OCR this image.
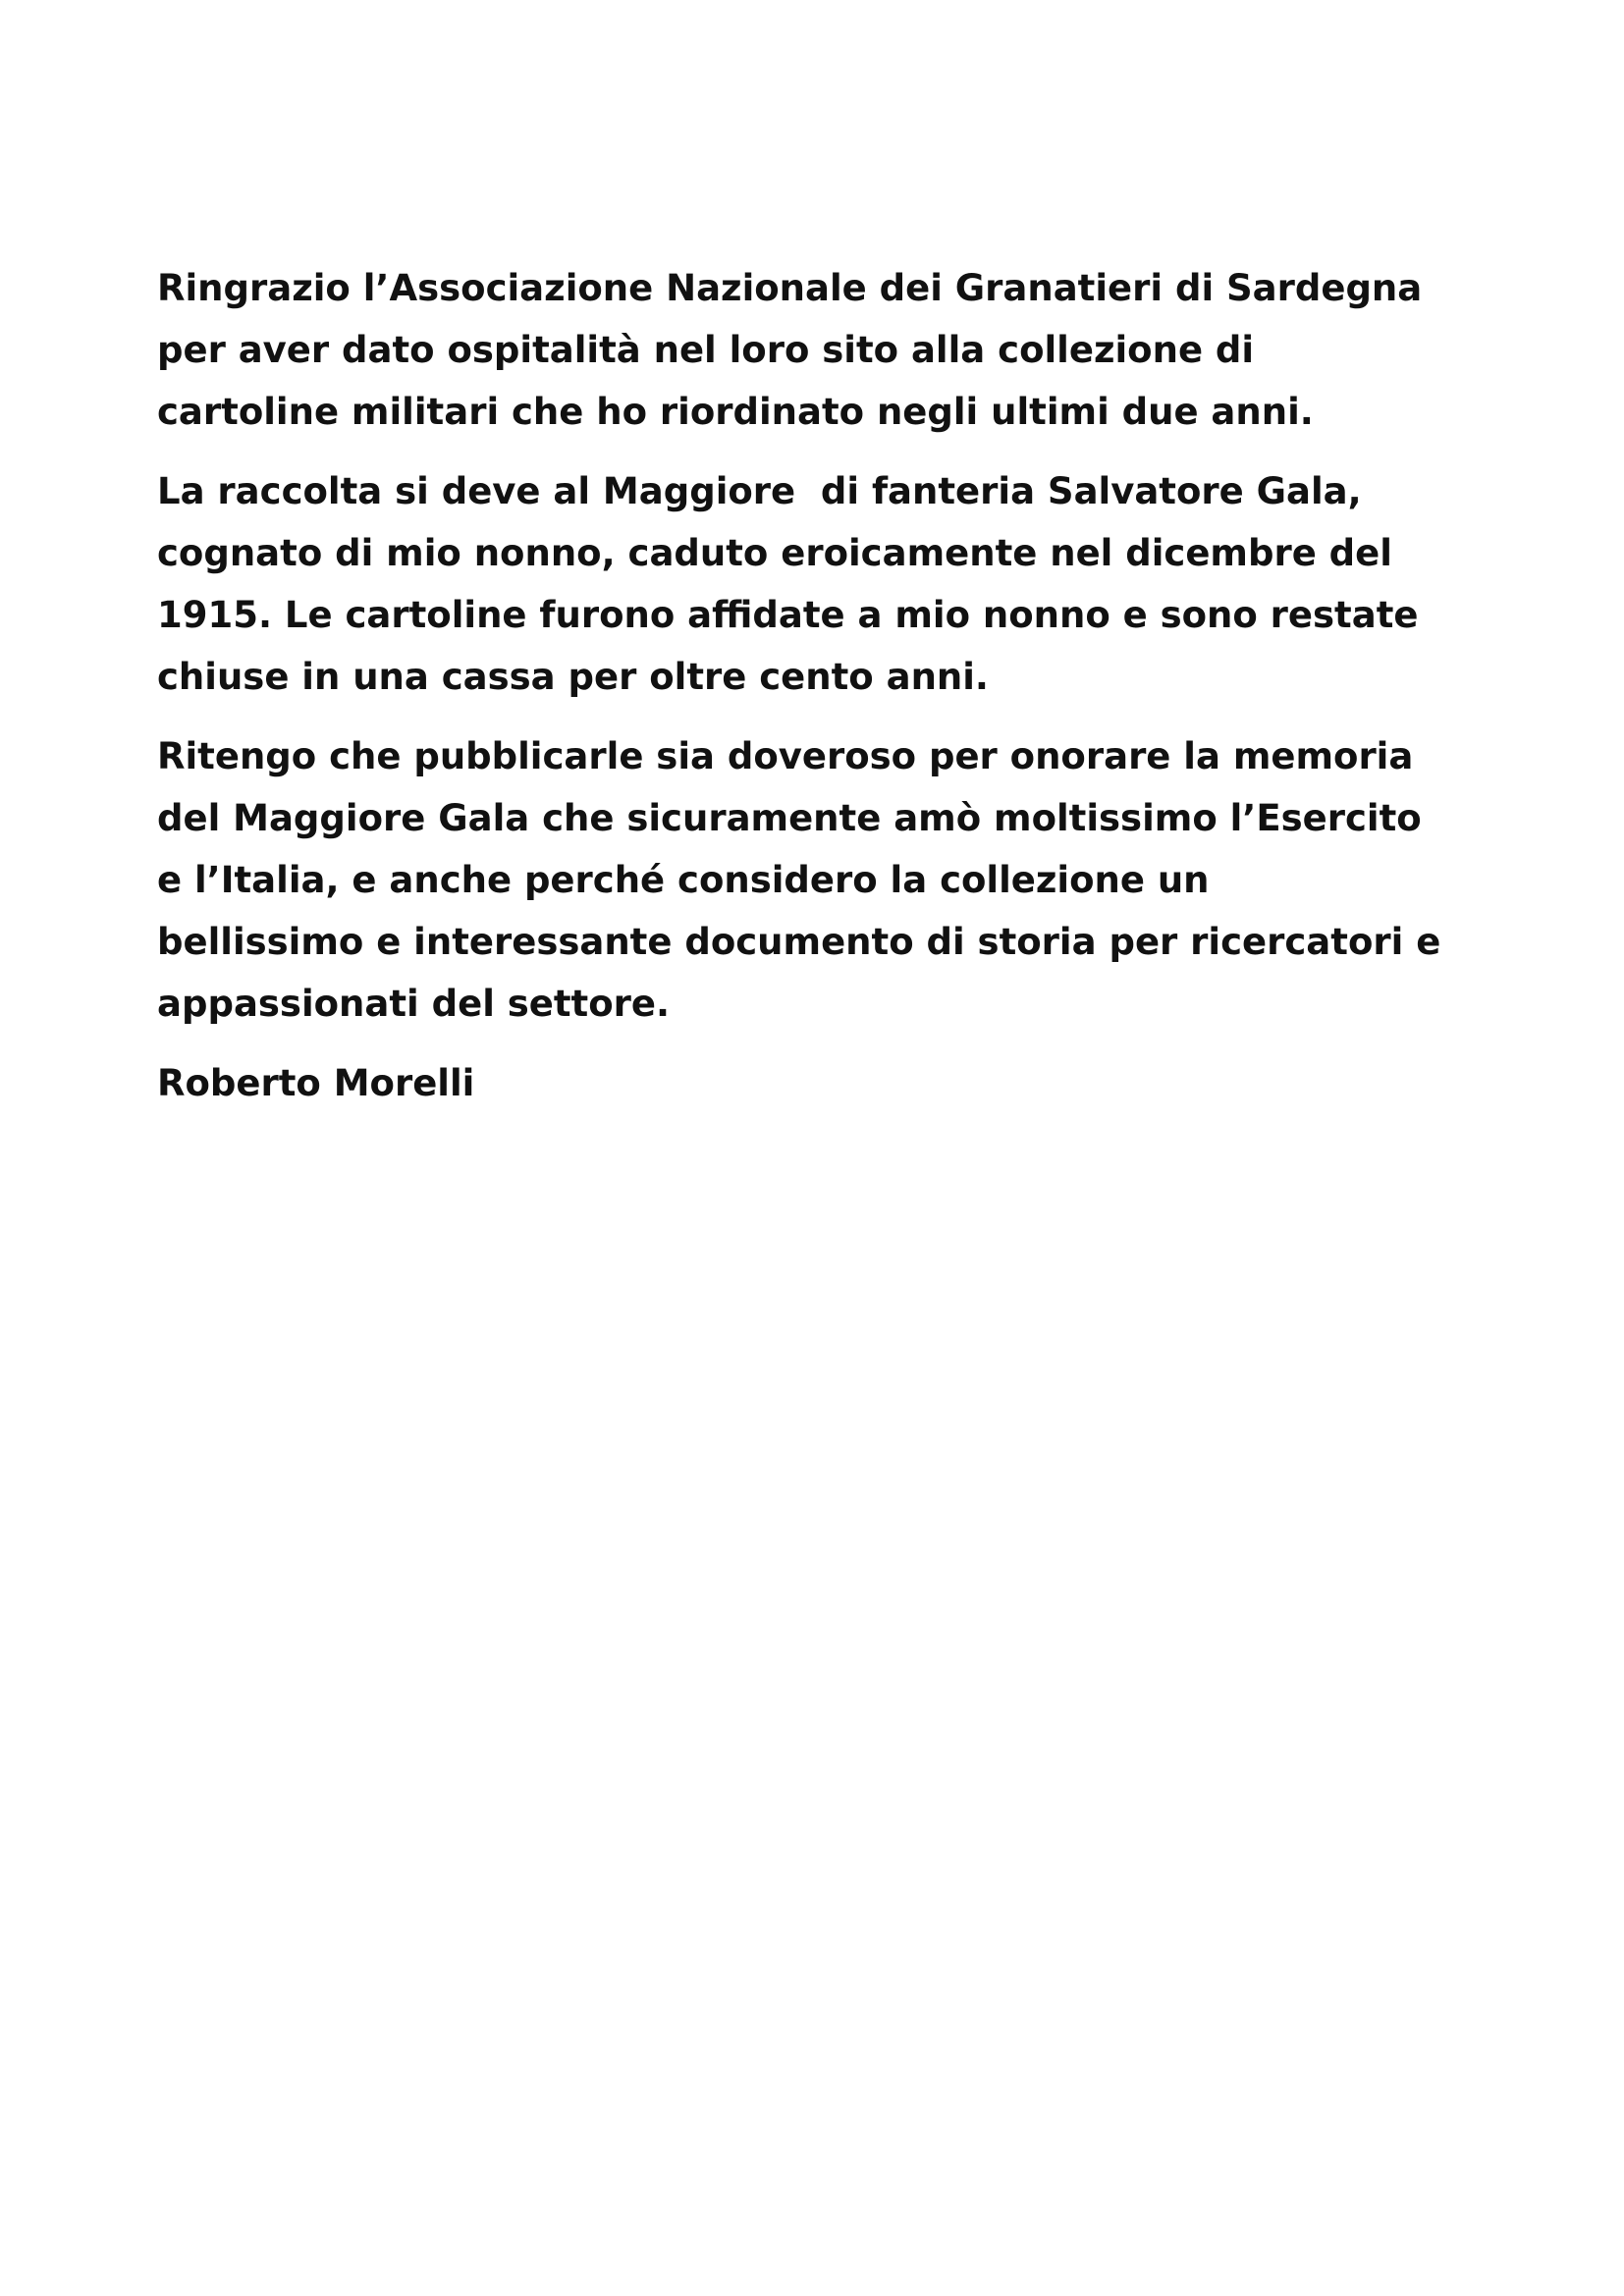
Ringrazio l’Associazione Nazionale dei Granatieri di Sardegna
per aver dato ospitalità nel loro sito alla collezione di
cartoline militari che ho riordinato negli ultimi due anni.
La raccolta si deve al Maggiore  di fanteria Salvatore Gala,
cognato di mio nonno, caduto eroicamente nel dicembre del
1915. Le cartoline furono affidate a mio nonno e sono restate
chiuse in una cassa per oltre cento anni.
Ritengo che pubblicarle sia doveroso per onorare la memoria
del Maggiore Gala che sicuramente amò moltissimo l’Esercito
e l’Italia, e anche perché considero la collezione un
bellissimo e interessante documento di storia per ricercatori e
appassionati del settore.
Roberto Morelli
